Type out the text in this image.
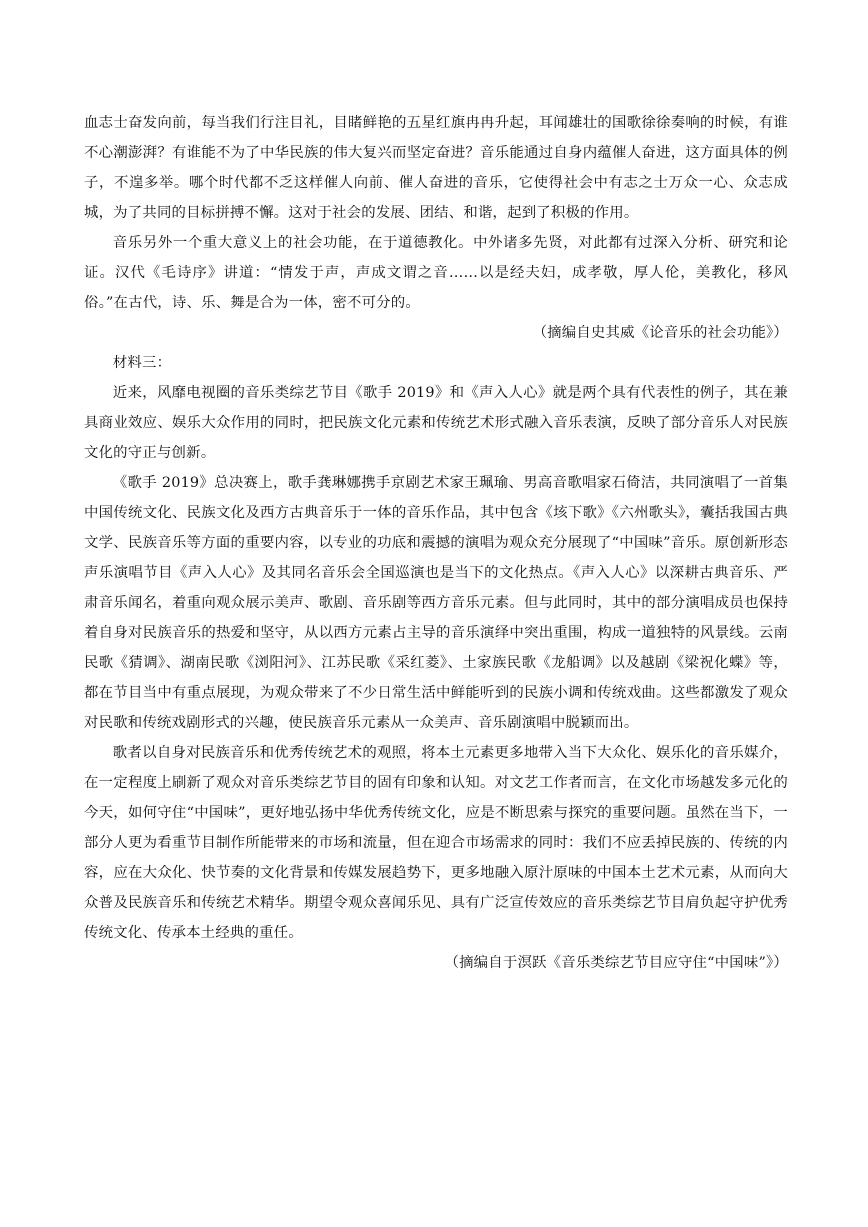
血志士奋发向前，每当我们行注目礼，目睹鲜艳的五星红旗冉冉升起，耳闻雄壮的国歌徐徐奏响的时候，有谁不心潮澎湃？有谁能不为了中华民族的伟大复兴而坚定奋进？音乐能通过自身内蕴催人奋进，这方面具体的例子，不遑多举。哪个时代都不乏这样催人向前、催人奋进的音乐，它使得社会中有志之士万众一心、众志成城，为了共同的目标拼搏不懈。这对于社会的发展、团结、和谐，起到了积极的作用。

音乐另外一个重大意义上的社会功能，在于道德教化。中外诸多先贤，对此都有过深入分析、研究和论证。汉代《毛诗序》讲道：“情发于声，声成文谓之音……以是经夫妇，成孝敬，厚人伦，美教化，移风俗。”在古代，诗、乐、舞是合为一体，密不可分的。

（摘编自史其威《论音乐的社会功能》）

材料三：

近来，风靡电视圈的音乐类综艺节目《歌手 2019》和《声入人心》就是两个具有代表性的例子，其在兼具商业效应、娱乐大众作用的同时，把民族文化元素和传统艺术形式融入音乐表演，反映了部分音乐人对民族文化的守正与创新。

《歌手 2019》总决赛上，歌手龚琳娜携手京剧艺术家王珮瑜、男高音歌唱家石倚洁，共同演唱了一首集中国传统文化、民族文化及西方古典音乐于一体的音乐作品，其中包含《垓下歌》《六州歌头》，囊括我国古典文学、民族音乐等方面的重要内容，以专业的功底和震撼的演唱为观众充分展现了“中国味”音乐。原创新形态声乐演唱节目《声入人心》及其同名音乐会全国巡演也是当下的文化热点。《声入人心》以深耕古典音乐、严肃音乐闻名，着重向观众展示美声、歌剧、音乐剧等西方音乐元素。但与此同时，其中的部分演唱成员也保持着自身对民族音乐的热爱和坚守，从以西方元素占主导的音乐演绎中突出重围，构成一道独特的风景线。云南民歌《猜调》、湖南民歌《浏阳河》、江苏民歌《采红菱》、土家族民歌《龙船调》以及越剧《梁祝化蝶》等，都在节目当中有重点展现，为观众带来了不少日常生活中鲜能听到的民族小调和传统戏曲。这些都激发了观众对民歌和传统戏剧形式的兴趣，使民族音乐元素从一众美声、音乐剧演唱中脱颖而出。

歌者以自身对民族音乐和优秀传统艺术的观照，将本土元素更多地带入当下大众化、娱乐化的音乐媒介，在一定程度上刷新了观众对音乐类综艺节目的固有印象和认知。对文艺工作者而言，在文化市场越发多元化的今天，如何守住“中国味”，更好地弘扬中华优秀传统文化，应是不断思索与探究的重要问题。虽然在当下，一部分人更为看重节目制作所能带来的市场和流量，但在迎合市场需求的同时：我们不应丢掉民族的、传统的内容，应在大众化、快节奏的文化背景和传媒发展趋势下，更多地融入原汁原味的中国本土艺术元素，从而向大众普及民族音乐和传统艺术精华。期望令观众喜闻乐见、具有广泛宣传效应的音乐类综艺节目肩负起守护优秀传统文化、传承本土经典的重任。

（摘编自于溟跃《音乐类综艺节目应守住“中国味”》）
